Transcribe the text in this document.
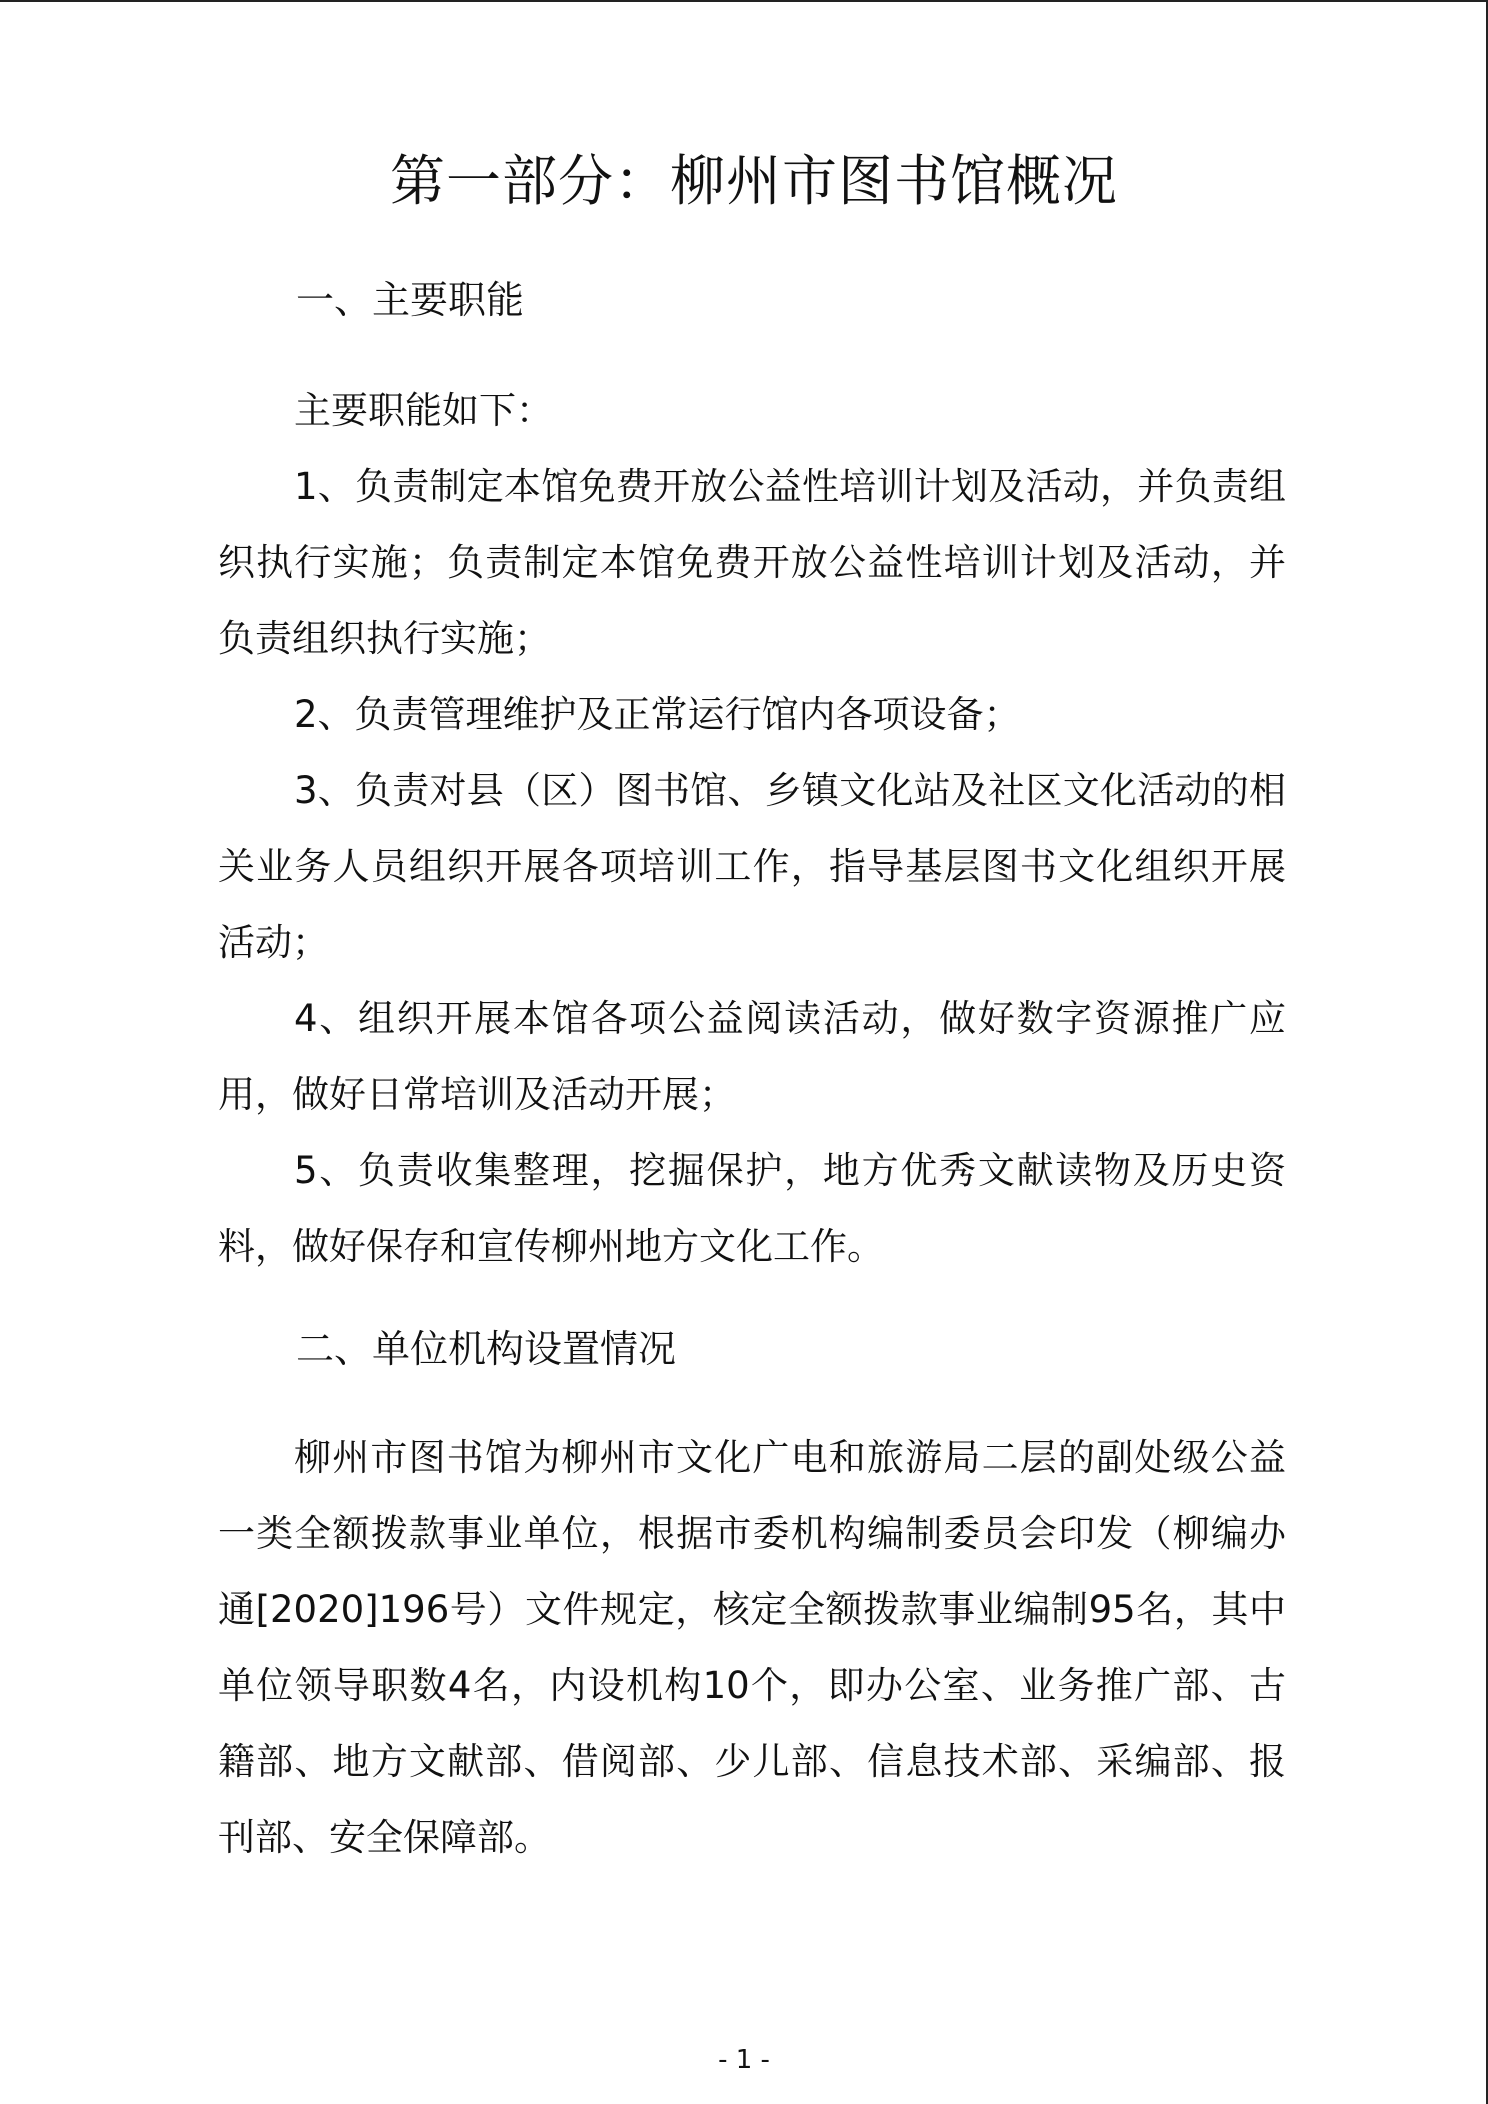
第一部分：柳州市图书馆概况
一、主要职能

主要职能如下：

1、负责制定本馆免费开放公益性培训计划及活动，并负责组织执行实施；负责制定本馆免费开放公益性培训计划及活动，并负责组织执行实施；

2、负责管理维护及正常运行馆内各项设备；

3、负责对县（区）图书馆、乡镇文化站及社区文化活动的相关业务人员组织开展各项培训工作，指导基层图书文化组织开展活动；

4、组织开展本馆各项公益阅读活动，做好数字资源推广应用，做好日常培训及活动开展；

5、负责收集整理，挖掘保护，地方优秀文献读物及历史资料，做好保存和宣传柳州地方文化工作。

二、单位机构设置情况

柳州市图书馆为柳州市文化广电和旅游局二层的副处级公益一类全额拨款事业单位，根据市委机构编制委员会印发（柳编办通[2020]196号）文件规定，核定全额拨款事业编制95名，其中单位领导职数4名，内设机构10个，即办公室、业务推广部、古籍部、地方文献部、借阅部、少儿部、信息技术部、采编部、报刊部、安全保障部。

- 1 -
